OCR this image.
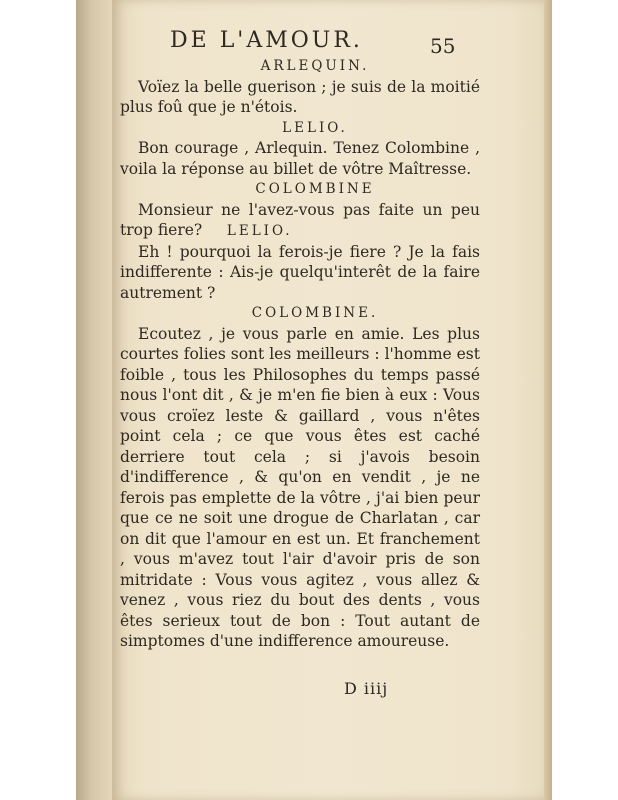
DE L'AMOUR.	55
ARLEQUIN.

Voïez la belle guerison ; je suis de la moitié plus foû que je n'étois.

LELIO.

Bon courage , Arlequin. Tenez Colombine , voila la réponse au billet de vôtre Maîtresse.

COLOMBINE

Monsieur ne l'avez-vous pas faite un peu trop fiere? LELIO.

Eh ! pourquoi la ferois-je fiere ? Je la fais indifferente : Ais-je quelqu'interêt de la faire autrement ?

COLOMBINE.

Ecoutez , je vous parle en amie. Les plus courtes folies sont les meilleurs : l'homme est foible , tous les Philosophes du temps passé nous l'ont dit , & je m'en fie bien à eux : Vous vous croïez leste & gaillard , vous n'êtes point cela ; ce que vous êtes est caché derriere tout cela ; si j'avois besoin d'indifference , & qu'on en vendit , je ne ferois pas emplette de la vôtre , j'ai bien peur que ce ne soit une drogue de Charlatan , car on dit que l'amour en est un. Et franchement , vous m'avez tout l'air d'avoir pris de son mitridate : Vous vous agitez , vous allez & venez , vous riez du bout des dents , vous êtes serieux tout de bon : Tout autant de simptomes d'une indifference amoureuse.

D iiij
